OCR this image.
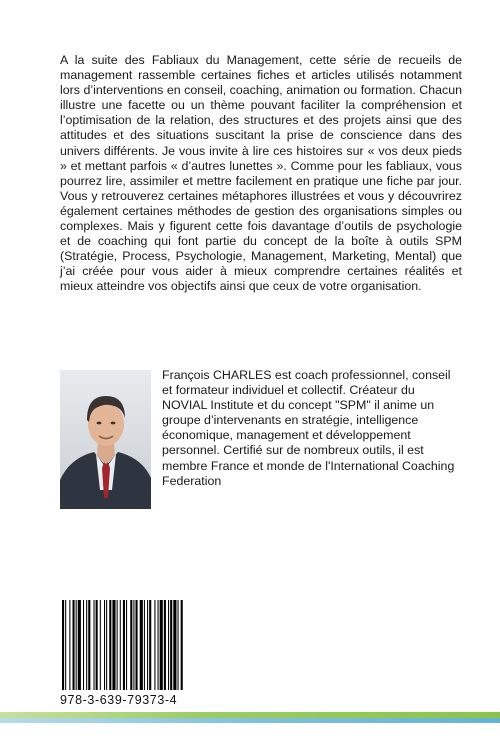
A la suite des Fabliaux du Management, cette série de recueils de management rassemble certaines fiches et articles utilisés notamment lors d’interventions en conseil, coaching, animation ou formation. Chacun illustre une facette ou un thème pouvant faciliter la compréhension et l’optimisation de la relation, des structures et des projets ainsi que des attitudes et des situations suscitant la prise de conscience dans des univers différents. Je vous invite à lire ces histoires sur « vos deux pieds » et mettant parfois « d’autres lunettes ». Comme pour les fabliaux, vous pourrez lire, assimiler et mettre facilement en pratique une fiche par jour. Vous y retrouverez certaines métaphores illustrées et vous y découvrirez également certaines méthodes de gestion des organisations simples ou complexes. Mais y figurent cette fois davantage d’outils de psychologie et de coaching qui font partie du concept de la boîte à outils SPM (Stratégie, Process, Psychologie, Management, Marketing, Mental) que j’ai créée pour vous aider à mieux comprendre certaines réalités et mieux atteindre vos objectifs ainsi que ceux de votre organisation.
François CHARLES est coach professionnel, conseil et formateur individuel et collectif. Créateur du NOVIAL Institute et du concept "SPM" il anime un groupe d’intervenants en stratégie, intelligence économique, management et développement personnel. Certifié sur de nombreux outils, il est membre France et monde de l'International Coaching Federation
978-3-639-79373-4
